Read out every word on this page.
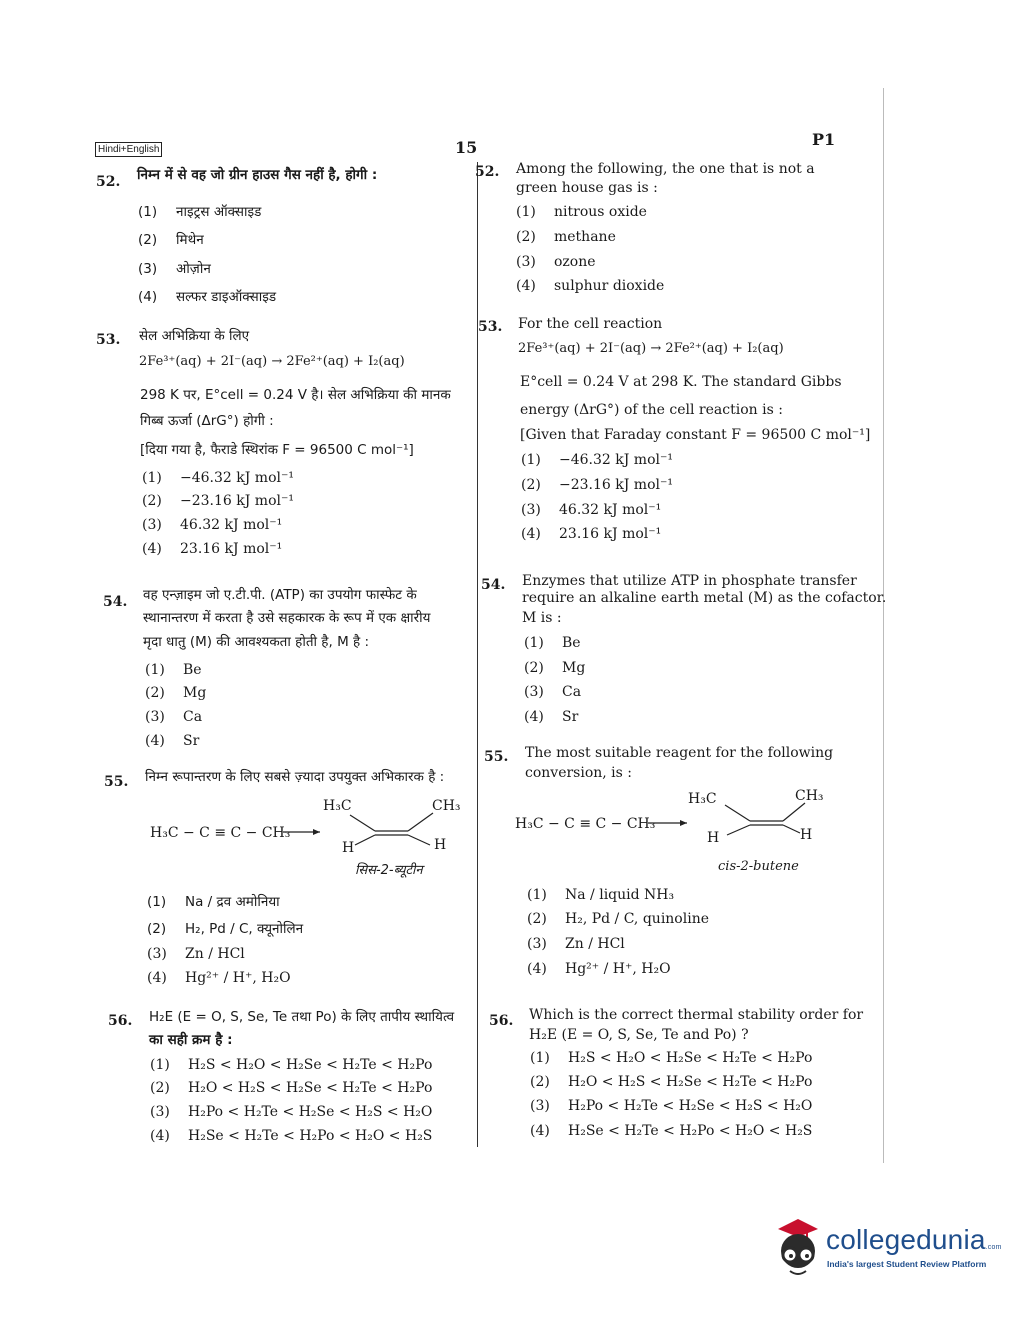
Hindi+English	15	P1
52. निम्न में से वह जो ग्रीन हाउस गैस नहीं है, होगी :
(1) नाइट्रस ऑक्साइड
(2) मिथेन
(3) ओज़ोन
(4) सल्फर डाइऑक्साइड
53. सेल अभिक्रिया के लिए
2Fe³⁺(aq) + 2I⁻(aq) → 2Fe²⁺(aq) + I₂(aq)
298 K पर, E°cell = 0.24 V है। सेल अभिक्रिया की मानक
गिब्ब ऊर्जा (ΔrG°) होगी :
[दिया गया है, फैराडे स्थिरांक F = 96500 C mol⁻¹]
(1) −46.32 kJ mol⁻¹
(2) −23.16 kJ mol⁻¹
(3) 46.32 kJ mol⁻¹
(4) 23.16 kJ mol⁻¹
54. वह एन्ज़ाइम जो ए.टी.पी. (ATP) का उपयोग फास्फेट के
स्थानान्तरण में करता है उसे सहकारक के रूप में एक क्षारीय
मृदा धातु (M) की आवश्यकता होती है, M है :
(1) Be
(2) Mg
(3) Ca
(4) Sr
55. निम्न रूपान्तरण के लिए सबसे ज़्यादा उपयुक्त अभिकारक है :
H₃C − C ≡ C − CH₃
H₃C	CH₃
H	H
सिस-2-ब्यूटीन
(1) Na / द्रव अमोनिया
(2) H₂, Pd / C, क्यूनोलिन
(3) Zn / HCl
(4) Hg²⁺ / H⁺, H₂O
56. H₂E (E = O, S, Se, Te तथा Po) के लिए तापीय स्थायित्व
का सही क्रम है :
(1) H₂S < H₂O < H₂Se < H₂Te < H₂Po
(2) H₂O < H₂S < H₂Se < H₂Te < H₂Po
(3) H₂Po < H₂Te < H₂Se < H₂S < H₂O
(4) H₂Se < H₂Te < H₂Po < H₂O < H₂S
52. Among the following, the one that is not a
green house gas is :
(1) nitrous oxide
(2) methane
(3) ozone
(4) sulphur dioxide
53. For the cell reaction
2Fe³⁺(aq) + 2I⁻(aq) → 2Fe²⁺(aq) + I₂(aq)
E°cell = 0.24 V at 298 K. The standard Gibbs
energy (ΔrG°) of the cell reaction is :
[Given that Faraday constant F = 96500 C mol⁻¹]
(1) −46.32 kJ mol⁻¹
(2) −23.16 kJ mol⁻¹
(3) 46.32 kJ mol⁻¹
(4) 23.16 kJ mol⁻¹
54. Enzymes that utilize ATP in phosphate transfer
require an alkaline earth metal (M) as the cofactor.
M is :
(1) Be
(2) Mg
(3) Ca
(4) Sr
55. The most suitable reagent for the following
conversion, is :
H₃C − C ≡ C − CH₃
H₃C	CH₃
H	H
cis-2-butene
(1) Na / liquid NH₃
(2) H₂, Pd / C, quinoline
(3) Zn / HCl
(4) Hg²⁺ / H⁺, H₂O
56. Which is the correct thermal stability order for
H₂E (E = O, S, Se, Te and Po) ?
(1) H₂S < H₂O < H₂Se < H₂Te < H₂Po
(2) H₂O < H₂S < H₂Se < H₂Te < H₂Po
(3) H₂Po < H₂Te < H₂Se < H₂S < H₂O
(4) H₂Se < H₂Te < H₂Po < H₂O < H₂S
collegedunia.com
India's largest Student Review Platform
